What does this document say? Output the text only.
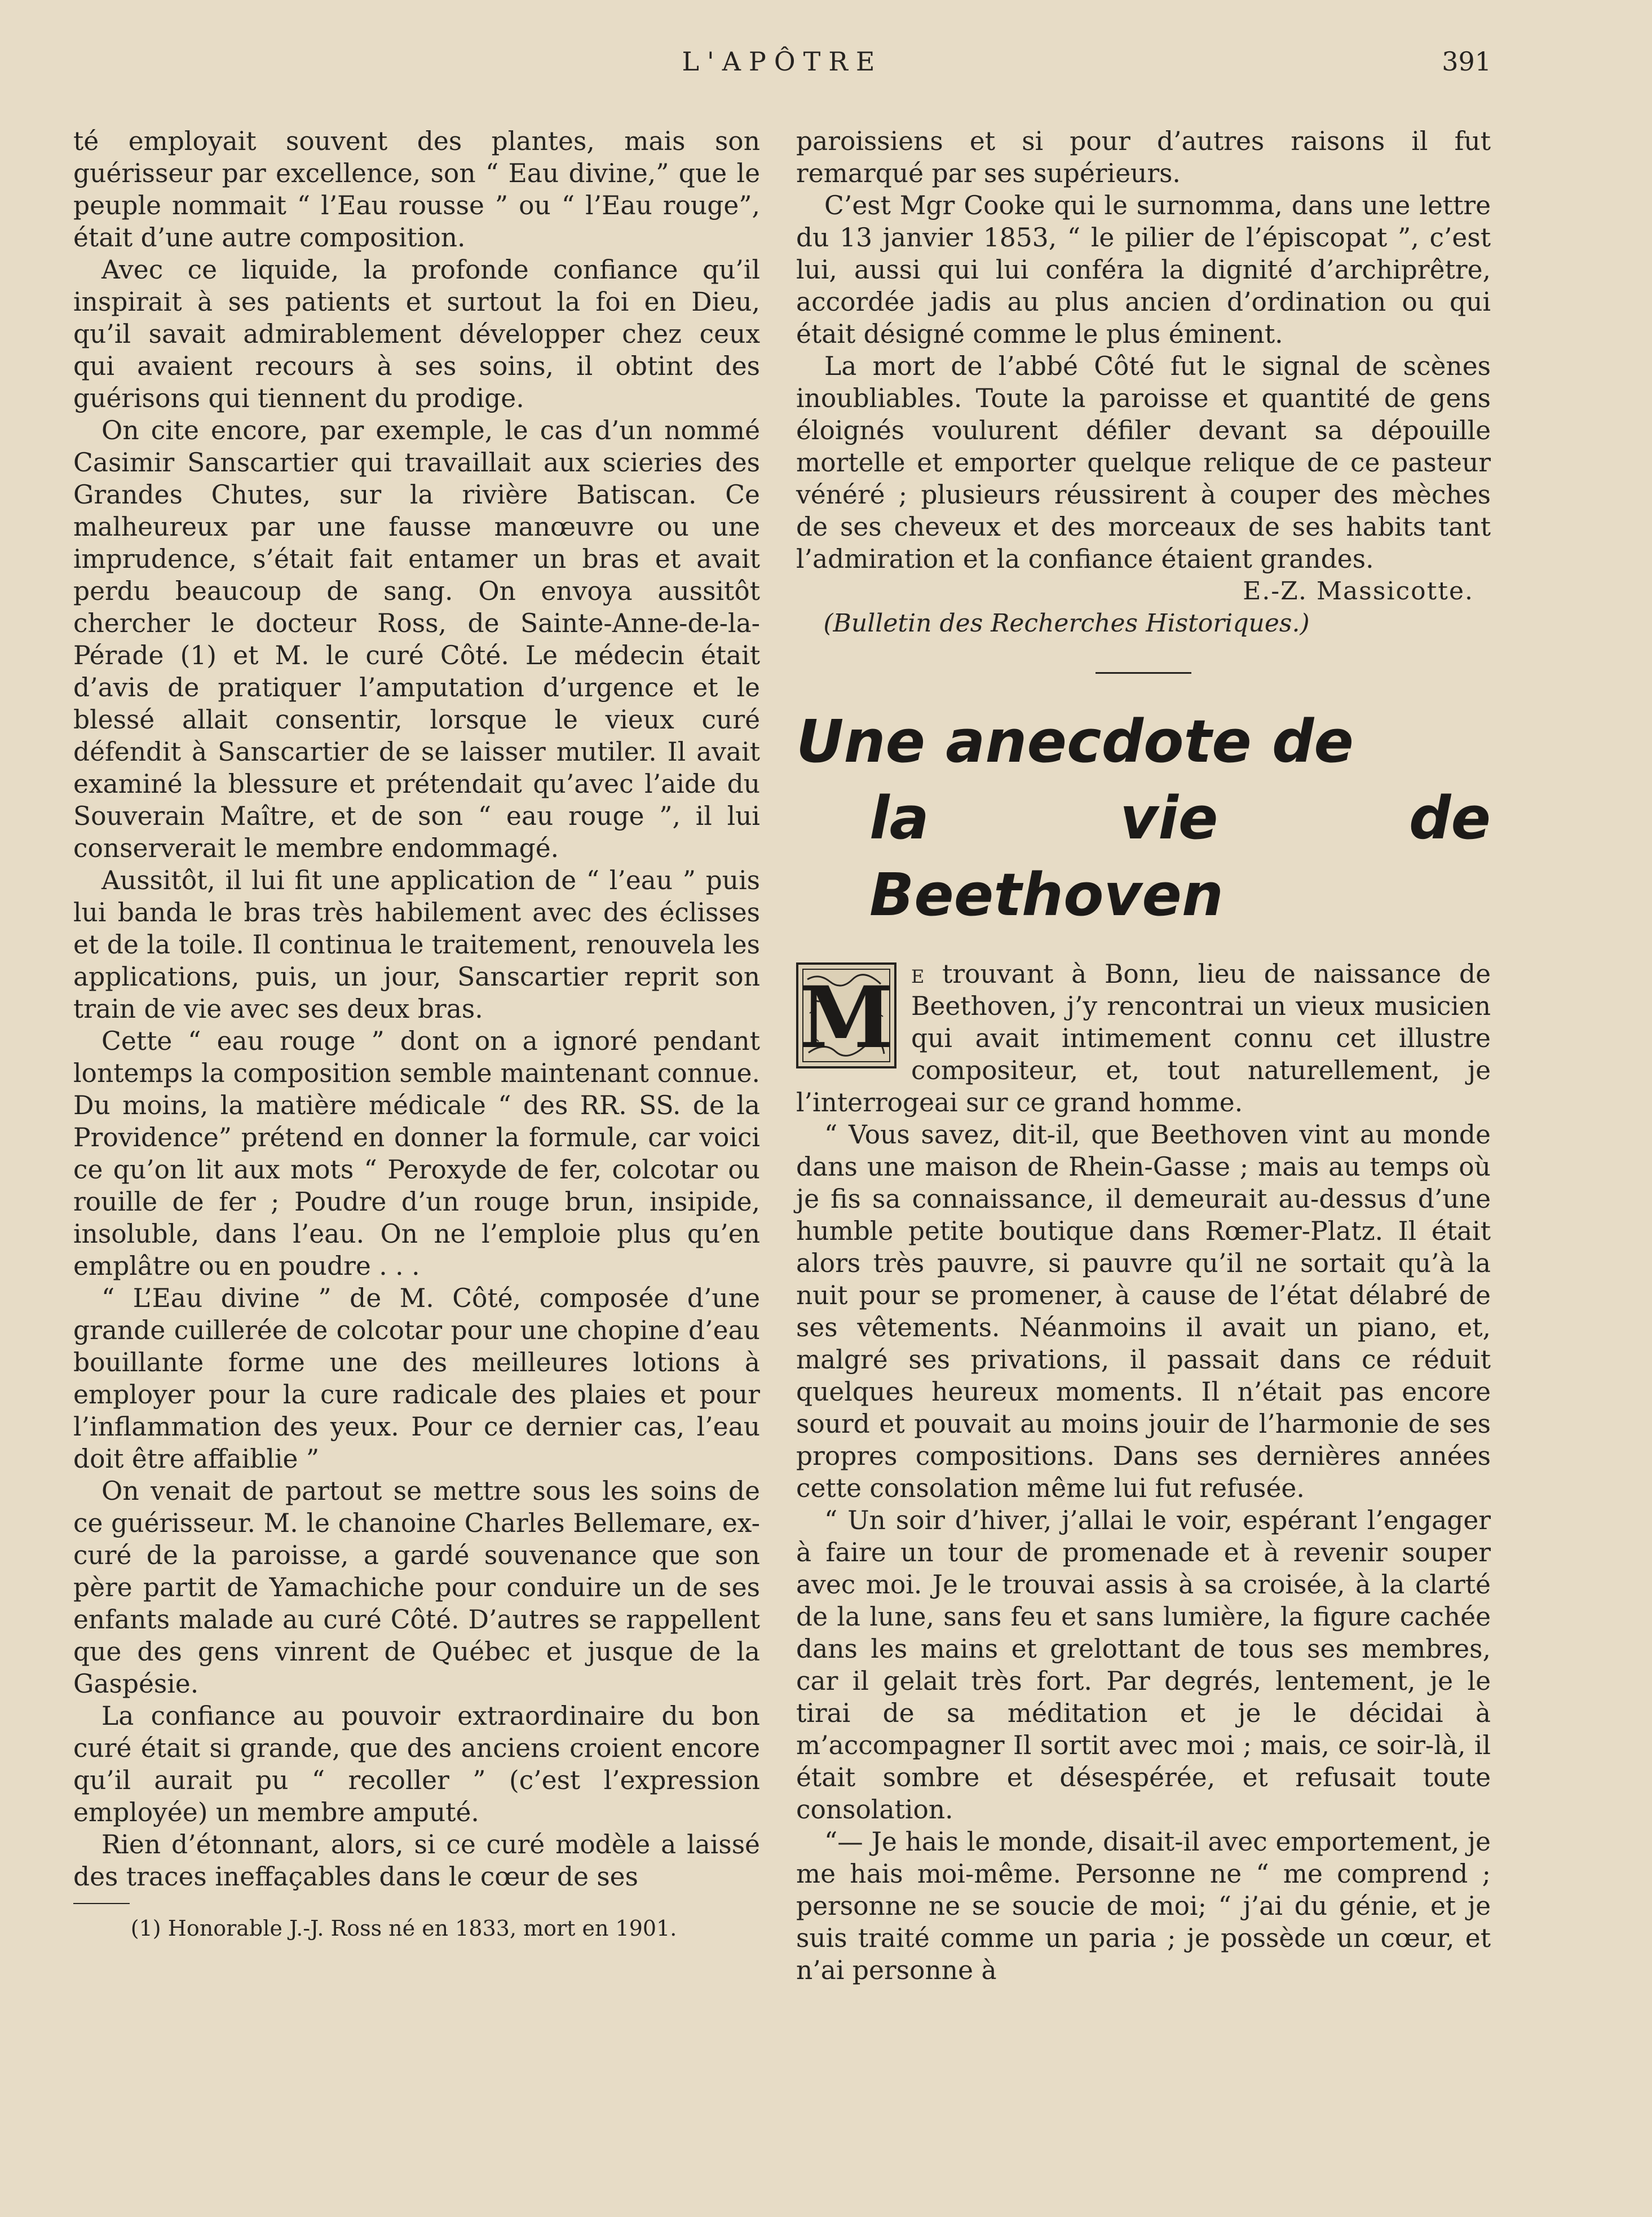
L'APÔTRE	391

té employait souvent des plantes, mais son guérisseur par excellence, son “ Eau divine,” que le peuple nommait “ l’Eau rousse ” ou “ l’Eau rouge”, était d’une autre composition.

Avec ce liquide, la profonde confiance qu’il inspirait à ses patients et surtout la foi en Dieu, qu’il savait admirablement développer chez ceux qui avaient recours à ses soins, il obtint des guérisons qui tiennent du prodige.

On cite encore, par exemple, le cas d’un nommé Casimir Sanscartier qui travaillait aux scieries des Grandes Chutes, sur la rivière Batiscan. Ce malheureux par une fausse manœuvre ou une imprudence, s’était fait entamer un bras et avait perdu beaucoup de sang. On envoya aussitôt chercher le docteur Ross, de Sainte-Anne-de-la-Pérade (1) et M. le curé Côté. Le médecin était d’avis de pratiquer l’amputation d’urgence et le blessé allait consentir, lorsque le vieux curé défendit à Sanscartier de se laisser mutiler. Il avait examiné la blessure et prétendait qu’avec l’aide du Souverain Maître, et de son “ eau rouge ”, il lui conserverait le membre endommagé.

Aussitôt, il lui fit une application de “ l’eau ” puis lui banda le bras très habilement avec des éclisses et de la toile. Il continua le traitement, renouvela les applications, puis, un jour, Sanscartier reprit son train de vie avec ses deux bras.

Cette “ eau rouge ” dont on a ignoré pendant lontemps la composition semble maintenant connue. Du moins, la matière médicale “ des RR. SS. de la Providence” prétend en donner la formule, car voici ce qu’on lit aux mots “ Peroxyde de fer, colcotar ou rouille de fer ; Poudre d’un rouge brun, insipide, insoluble, dans l’eau. On ne l’emploie plus qu’en emplâtre ou en poudre . . .

“ L’Eau divine ” de M. Côté, composée d’une grande cuillerée de colcotar pour une chopine d’eau bouillante forme une des meilleures lotions à employer pour la cure radicale des plaies et pour l’inflammation des yeux. Pour ce dernier cas, l’eau doit être affaiblie ”

On venait de partout se mettre sous les soins de ce guérisseur. M. le chanoine Charles Bellemare, ex-curé de la paroisse, a gardé souvenance que son père partit de Yamachiche pour conduire un de ses enfants malade au curé Côté. D’autres se rappellent que des gens vinrent de Québec et jusque de la Gaspésie.

La confiance au pouvoir extraordinaire du bon curé était si grande, que des anciens croient encore qu’il aurait pu “ recoller ” (c’est l’expression employée) un membre amputé.

Rien d’étonnant, alors, si ce curé modèle a laissé des traces ineffaçables dans le cœur de ses

(1) Honorable J.-J. Ross né en 1833, mort en 1901.

paroissiens et si pour d’autres raisons il fut remarqué par ses supérieurs.

C’est Mgr Cooke qui le surnomma, dans une lettre du 13 janvier 1853, “ le pilier de l’épiscopat ”, c’est lui, aussi qui lui conféra la dignité d’archiprêtre, accordée jadis au plus ancien d’ordination ou qui était désigné comme le plus éminent.

La mort de l’abbé Côté fut le signal de scènes inoubliables. Toute la paroisse et quantité de gens éloignés voulurent défiler devant sa dépouille mortelle et emporter quelque relique de ce pasteur vénéré ; plusieurs réussirent à couper des mèches de ses cheveux et des morceaux de ses habits tant l’admiration et la confiance étaient grandes.

E.-Z. Massicotte.

(Bulletin des Recherches Historiques.)

Une anecdote de
la vie de Beethoven

M e trouvant à Bonn, lieu de naissance de Beethoven, j’y rencontrai un vieux musicien qui avait intimement connu cet illustre compositeur, et, tout naturellement, je l’interrogeai sur ce grand homme.

“ Vous savez, dit-il, que Beethoven vint au monde dans une maison de Rhein-Gasse ; mais au temps où je fis sa connaissance, il demeurait au-dessus d’une humble petite boutique dans Rœmer-Platz. Il était alors très pauvre, si pauvre qu’il ne sortait qu’à la nuit pour se promener, à cause de l’état délabré de ses vêtements. Néanmoins il avait un piano, et, malgré ses privations, il passait dans ce réduit quelques heureux moments. Il n’était pas encore sourd et pouvait au moins jouir de l’harmonie de ses propres compositions. Dans ses dernières années cette consolation même lui fut refusée.

“ Un soir d’hiver, j’allai le voir, espérant l’engager à faire un tour de promenade et à revenir souper avec moi. Je le trouvai assis à sa croisée, à la clarté de la lune, sans feu et sans lumière, la figure cachée dans les mains et grelottant de tous ses membres, car il gelait très fort. Par degrés, lentement, je le tirai de sa méditation et je le décidai à m’accompagner Il sortit avec moi ; mais, ce soir-là, il était sombre et désespérée, et refusait toute consolation.

“— Je hais le monde, disait-il avec emportement, je me hais moi-même. Personne ne “ me comprend ; personne ne se soucie de moi; “ j’ai du génie, et je suis traité comme un paria ; je possède un cœur, et n’ai personne à
